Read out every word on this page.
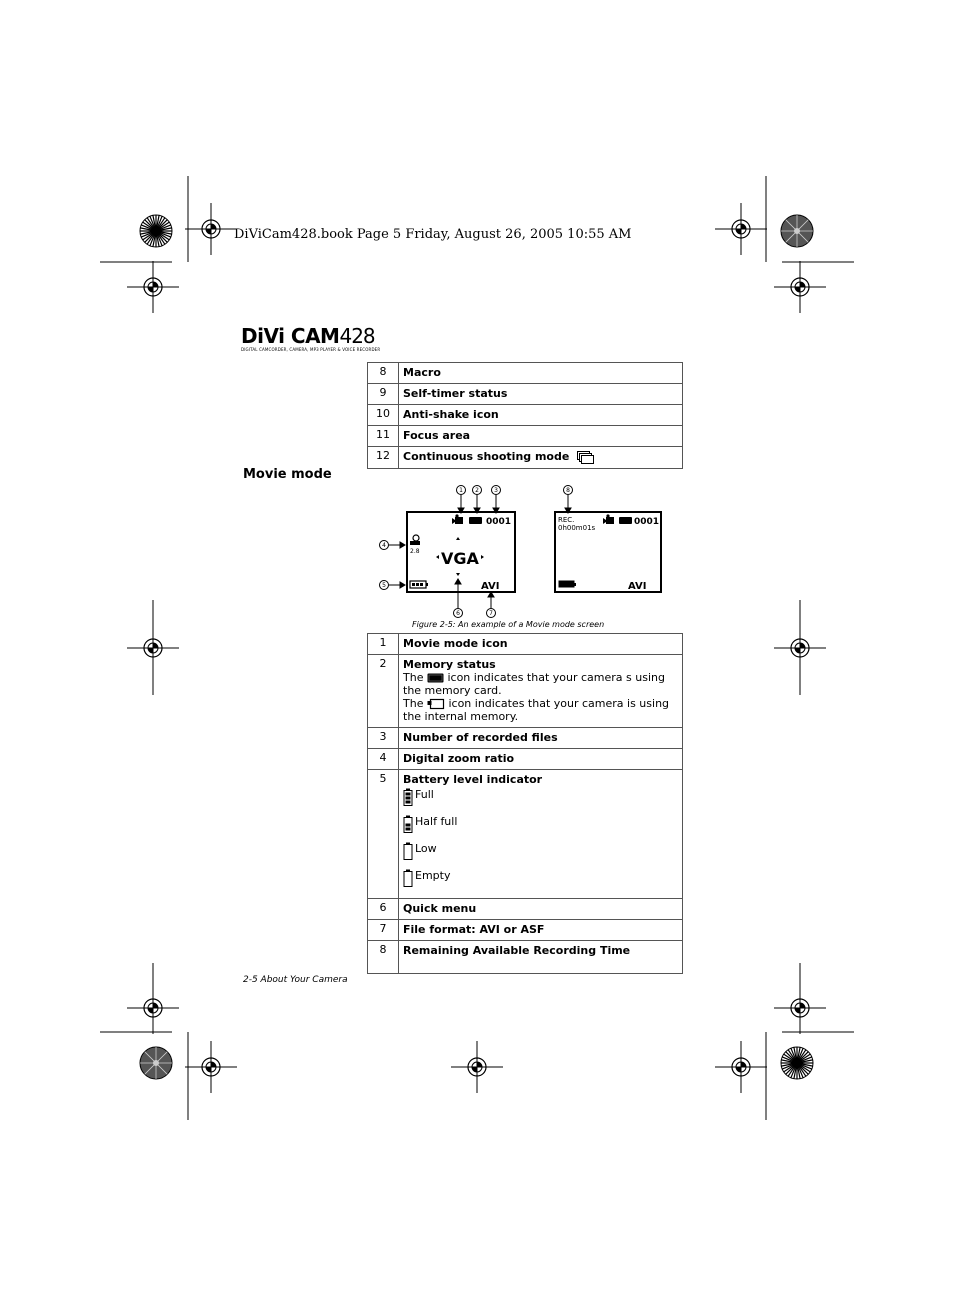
DiViCam428.book Page 5 Friday, August 26, 2005 10:55 AM
DiVi CAM428
DIGITAL CAMCORDER, CAMERA, MP3 PLAYER & VOICE RECORDER
8	Macro
9	Self-timer status
10	Anti-shake icon
11	Focus area
12	Continuous shooting mode
Movie mode
0001
2.8 VGA
AVI
REC.
0h00m01s
0001
AVI
1 2	3
4
5
6	7
8
Figure 2-5: An example of a Movie mode screen
1	Movie mode icon
2	Memory status
The  icon indicates that your camera s using the memory card.
The  icon indicates that your camera is using the internal memory.

3	Number of recorded files
4	Digital zoom ratio
5	Battery level indicator
Full
Half full
Low
Empty

6	Quick menu
7	File format: AVI or ASF
8	Remaining Available Recording Time
2-5 About Your Camera
